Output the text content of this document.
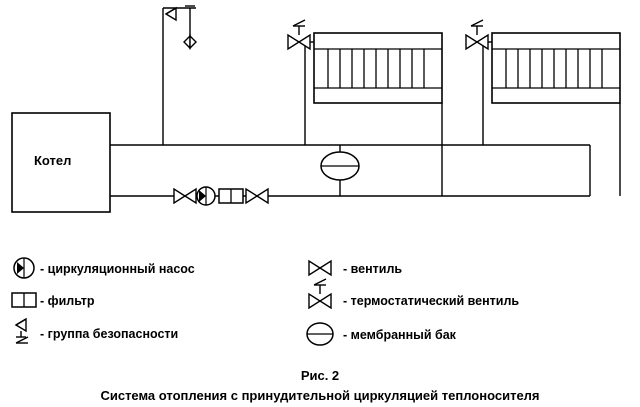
Котел
- циркуляционный насос
- фильтр
- группа безопасности
- вентиль
- термостатический вентиль
- мембранный бак
Рис. 2
Система отопления с принудительной циркуляцией теплоносителя
